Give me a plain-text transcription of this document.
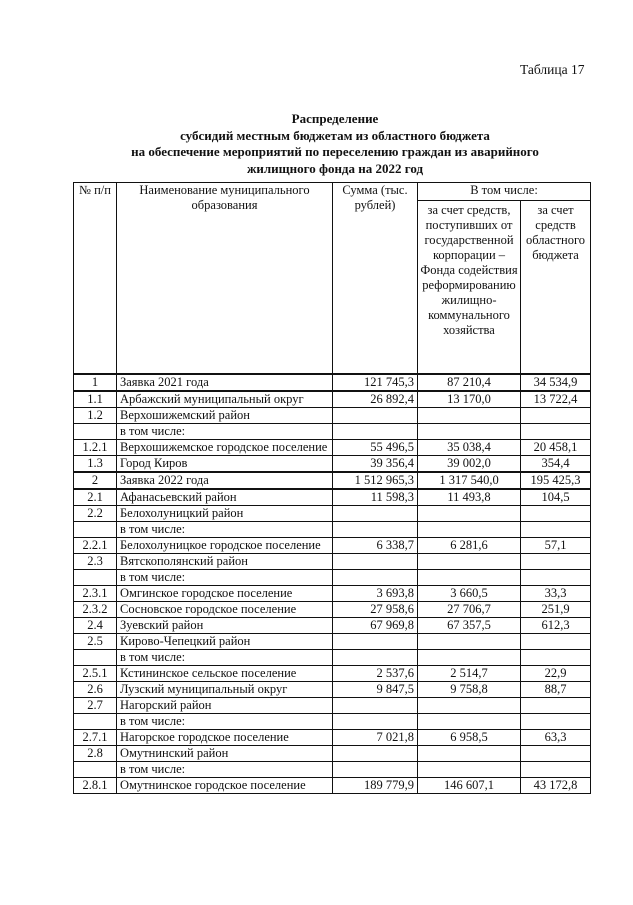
Таблица 17
Распределение
субсидий местным бюджетам из областного бюджета
на обеспечение мероприятий по переселению граждан из аварийного
жилищного фонда на 2022 год
№ п/п	Наименование муниципального образования	Сумма (тыс. рублей)	В том числе:	
			за счет средств, поступивших от государственной корпорации – Фонда содействия реформированию жилищно-коммунального хозяйства	за счет средств областного бюджета
1	Заявка 2021 года	121 745,3	87 210,4	34 534,9
1.1	Арбажский муниципальный округ	26 892,4	13 170,0	13 722,4
1.2	Верхошижемский район			
	в том числе:			
1.2.1	Верхошижемское городское поселение	55 496,5	35 038,4	20 458,1
1.3	Город Киров	39 356,4	39 002,0	354,4
2	Заявка 2022 года	1 512 965,3	1 317 540,0	195 425,3
2.1	Афанасьевский район	11 598,3	11 493,8	104,5
2.2	Белохолуницкий район			
	в том числе:			
2.2.1	Белохолуницкое городское поселение	6 338,7	6 281,6	57,1
2.3	Вятскополянский район			
	в том числе:			
2.3.1	Омгинское городское поселение	3 693,8	3 660,5	33,3
2.3.2	Сосновское городское поселение	27 958,6	27 706,7	251,9
2.4	Зуевский район	67 969,8	67 357,5	612,3
2.5	Кирово-Чепецкий район			
	в том числе:			
2.5.1	Кстининское сельское поселение	2 537,6	2 514,7	22,9
2.6	Лузский муниципальный округ	9 847,5	9 758,8	88,7
2.7	Нагорский район			
	в том числе:			
2.7.1	Нагорское городское поселение	7 021,8	6 958,5	63,3
2.8	Омутнинский район			
	в том числе:			
2.8.1	Омутнинское городское поселение	189 779,9	146 607,1	43 172,8
